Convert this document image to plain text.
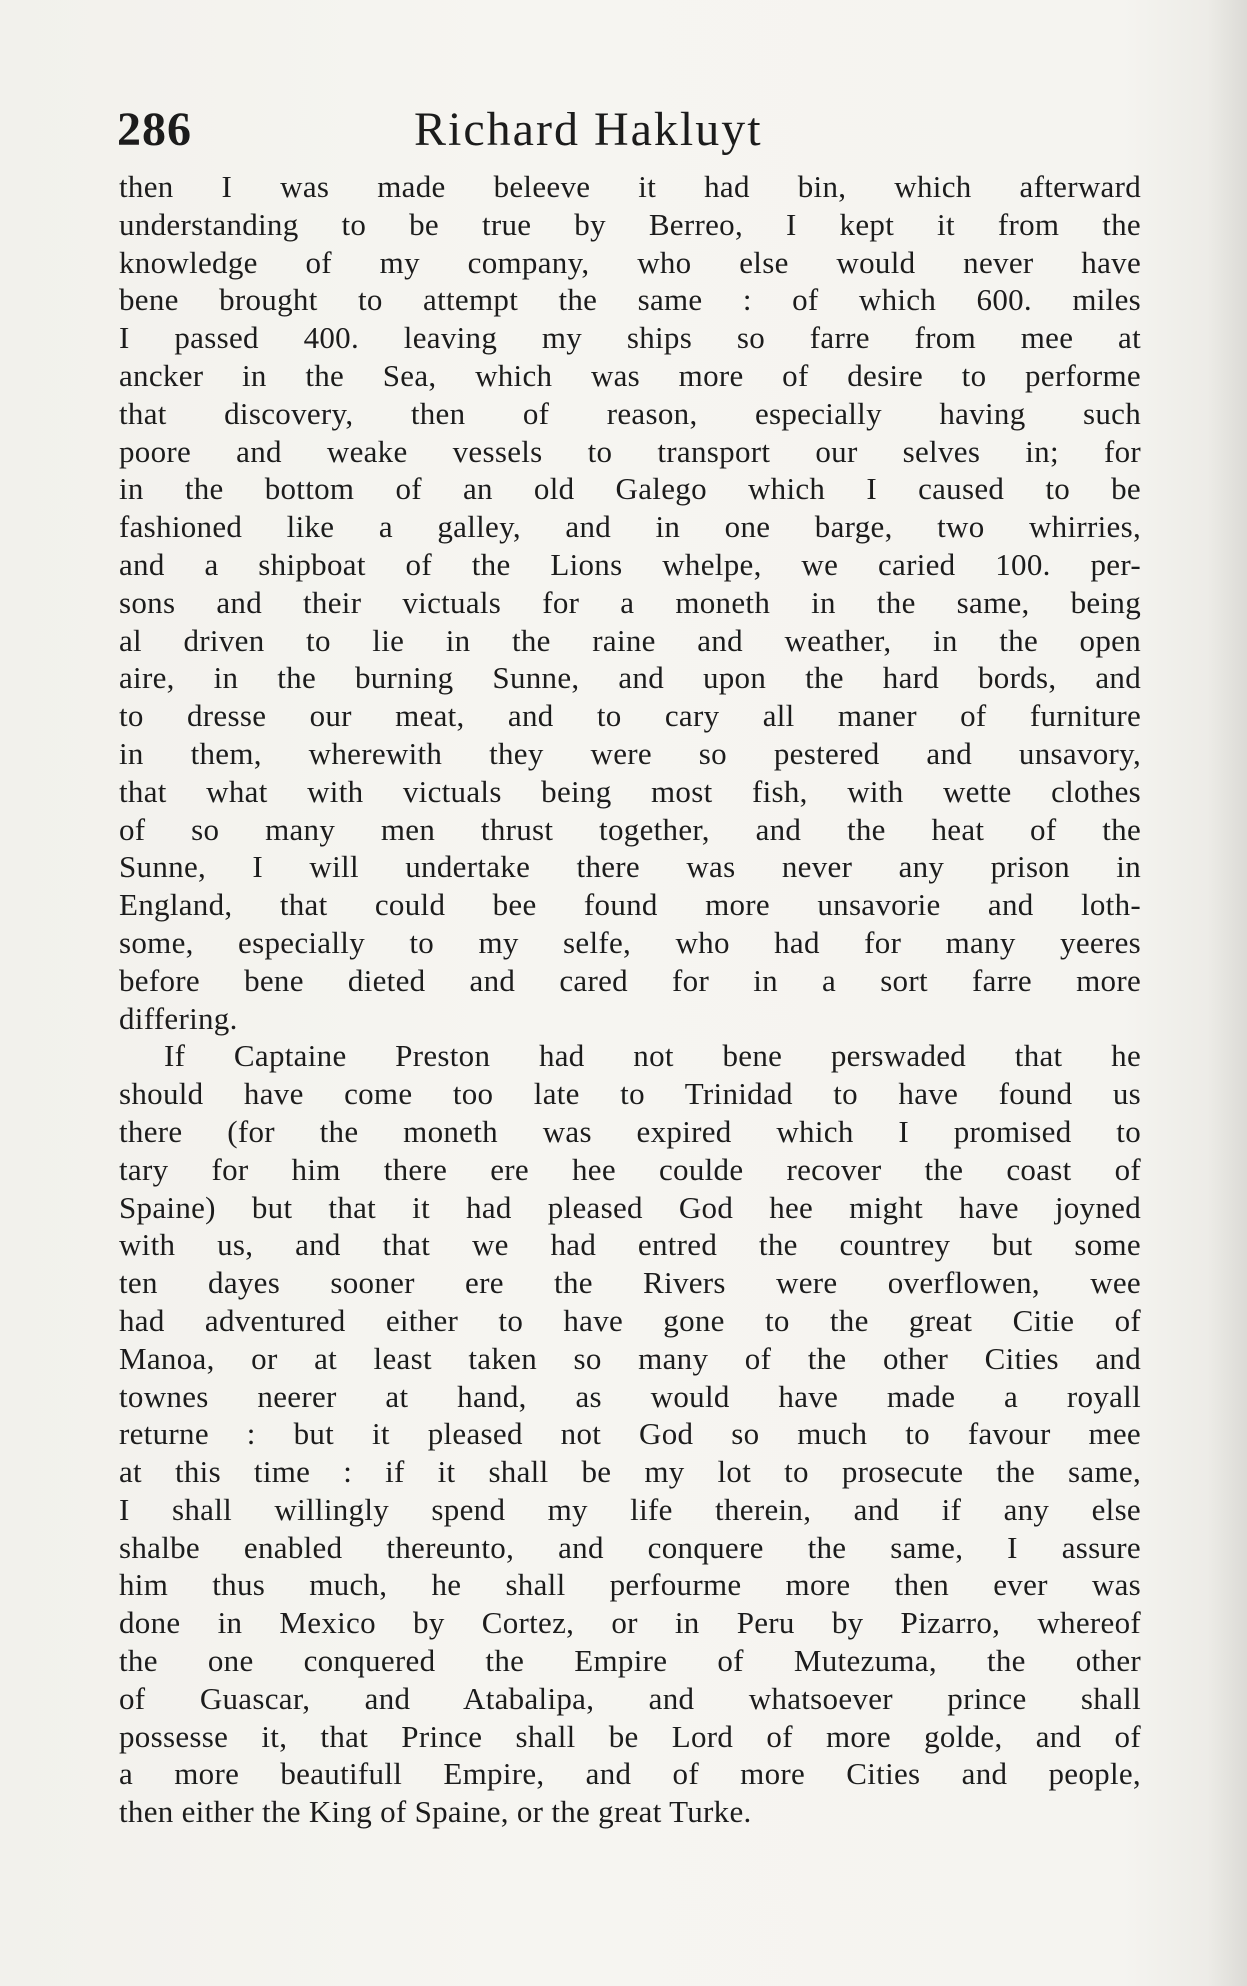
286	Richard Hakluyt
then I was made beleeve it had bin, which afterward
understanding to be true by Berreo, I kept it from the
knowledge of my company, who else would never have
bene brought to attempt the same : of which 600. miles
I passed 400. leaving my ships so farre from mee at
ancker in the Sea, which was more of desire to performe
that discovery, then of reason, especially having such
poore and weake vessels to transport our selves in; for
in the bottom of an old Galego which I caused to be
fashioned like a galley, and in one barge, two whirries,
and a shipboat of the Lions whelpe, we caried 100. per-
sons and their victuals for a moneth in the same, being
al driven to lie in the raine and weather, in the open
aire, in the burning Sunne, and upon the hard bords, and
to dresse our meat, and to cary all maner of furniture
in them, wherewith they were so pestered and unsavory,
that what with victuals being most fish, with wette clothes
of so many men thrust together, and the heat of the
Sunne, I will undertake there was never any prison in
England, that could bee found more unsavorie and loth-
some, especially to my selfe, who had for many yeeres
before bene dieted and cared for in a sort farre more
differing.
If Captaine Preston had not bene perswaded that he
should have come too late to Trinidad to have found us
there (for the moneth was expired which I promised to
tary for him there ere hee coulde recover the coast of
Spaine) but that it had pleased God hee might have joyned
with us, and that we had entred the countrey but some
ten dayes sooner ere the Rivers were overflowen, wee
had adventured either to have gone to the great Citie of
Manoa, or at least taken so many of the other Cities and
townes neerer at hand, as would have made a royall
returne : but it pleased not God so much to favour mee
at this time : if it shall be my lot to prosecute the same,
I shall willingly spend my life therein, and if any else
shalbe enabled thereunto, and conquere the same, I assure
him thus much, he shall perfourme more then ever was
done in Mexico by Cortez, or in Peru by Pizarro, whereof
the one conquered the Empire of Mutezuma, the other
of Guascar, and Atabalipa, and whatsoever prince shall
possesse it, that Prince shall be Lord of more golde, and of
a more beautifull Empire, and of more Cities and people,
then either the King of Spaine, or the great Turke.
